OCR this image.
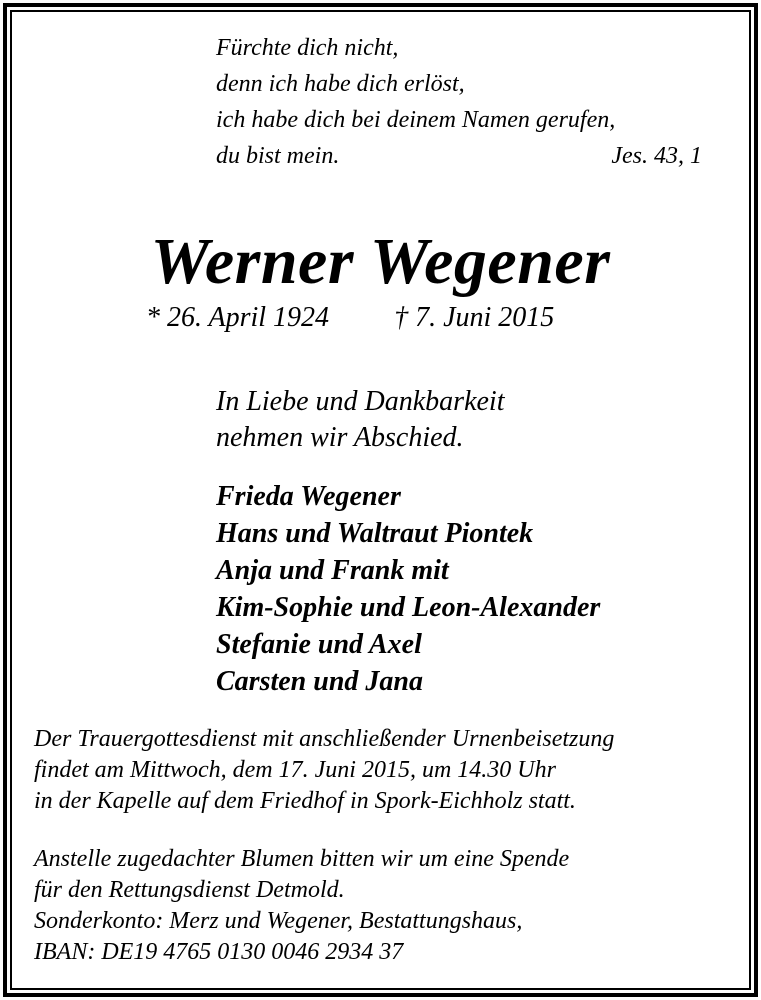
Fürchte dich nicht,
denn ich habe dich erlöst,
ich habe dich bei deinem Namen gerufen,
du bist mein.	Jes. 43, 1
Werner Wegener
* 26. April 1924 † 7. Juni 2015
In Liebe und Dankbarkeit
nehmen wir Abschied.
Frieda Wegener
Hans und Waltraut Piontek
Anja und Frank mit
Kim-Sophie und Leon-Alexander
Stefanie und Axel
Carsten und Jana
Der Trauergottesdienst mit anschließender Urnenbeisetzung
findet am Mittwoch, dem 17. Juni 2015, um 14.30 Uhr
in der Kapelle auf dem Friedhof in Spork-Eichholz statt.
Anstelle zugedachter Blumen bitten wir um eine Spende
für den Rettungsdienst Detmold.
Sonderkonto: Merz und Wegener, Bestattungshaus,
IBAN: DE19 4765 0130 0046 2934 37
